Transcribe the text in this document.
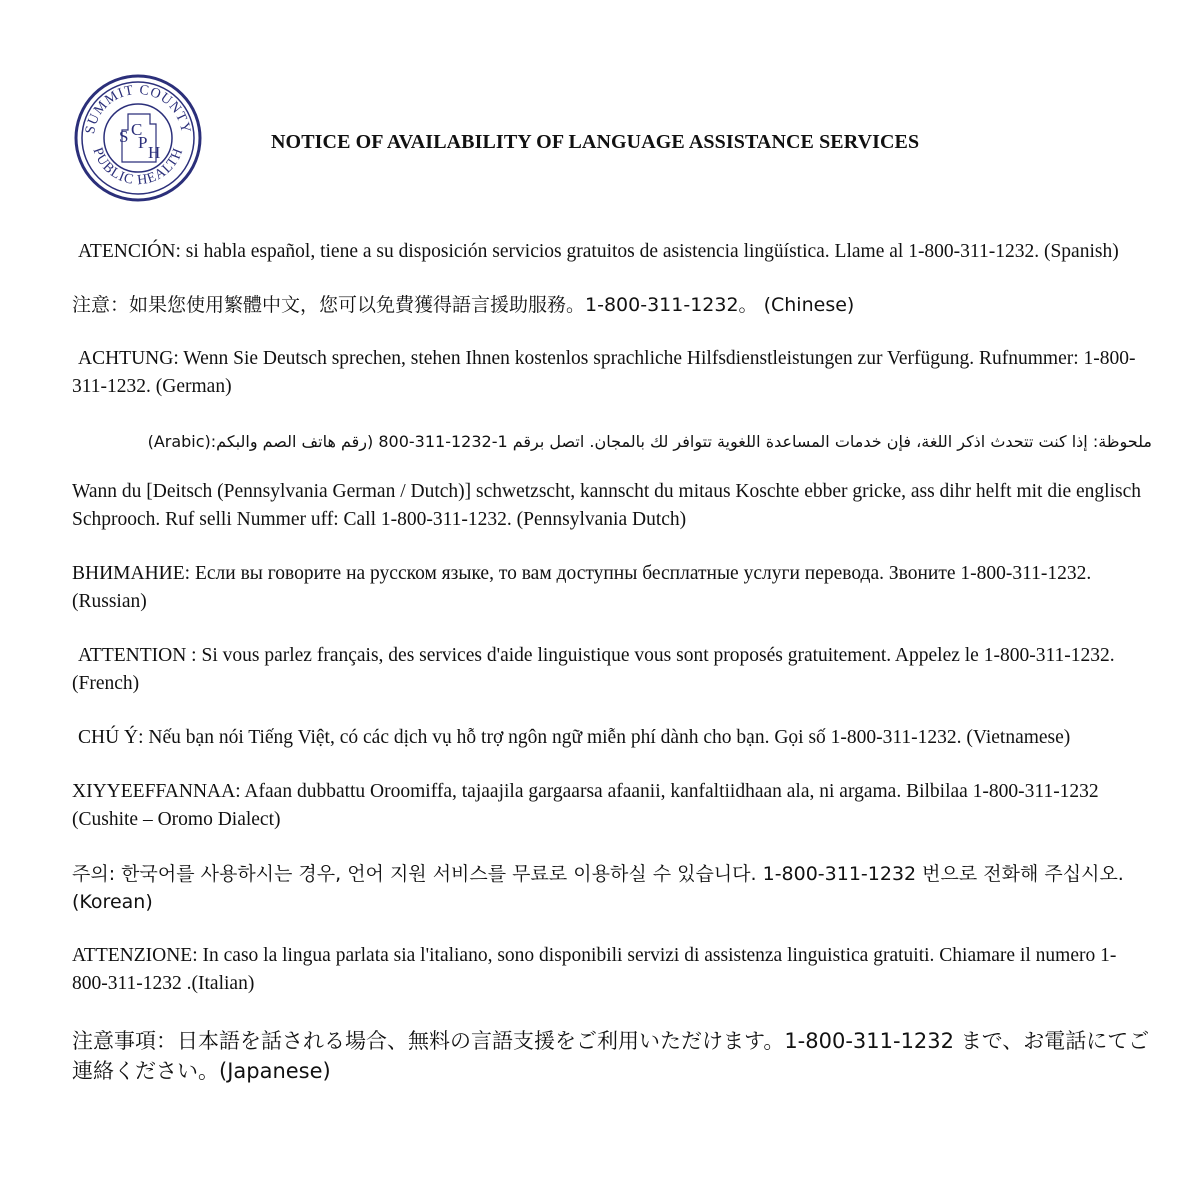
SUMMIT COUNTY
PUBLIC HEALTH
S C
P
H	NOTICE OF AVAILABILITY OF LANGUAGE ASSISTANCE SERVICES

ATENCIÓN: si habla español, tiene a su disposición servicios gratuitos de asistencia lingüística. Llame al 1-800-311-1232. (Spanish)

注意：如果您使用繁體中文，您可以免費獲得語言援助服務。1-800-311-1232。 (Chinese)

ACHTUNG: Wenn Sie Deutsch sprechen, stehen Ihnen kostenlos sprachliche Hilfsdienstleistungen zur Verfügung. Rufnummer: 1-800-311-1232. (German)

ملحوظة: إذا كنت تتحدث اذكر اللغة، فإن خدمات المساعدة اللغوية تتوافر لك بالمجان. اتصل برقم 1-1232-311-800 (رقم هاتف الصم والبكم:(Arabic)

Wann du [Deitsch (Pennsylvania German / Dutch)] schwetzscht, kannscht du mitaus Koschte ebber gricke, ass dihr helft mit die englisch Schprooch. Ruf selli Nummer uff: Call 1-800-311-1232. (Pennsylvania Dutch)

ВНИМАНИЕ: Если вы говорите на русском языке, то вам доступны бесплатные услуги перевода. Звоните 1-800-311-1232.(Russian)

ATTENTION : Si vous parlez français, des services d'aide linguistique vous sont proposés gratuitement. Appelez le 1-800-311-1232. (French)

CHÚ Ý: Nếu bạn nói Tiếng Việt, có các dịch vụ hỗ trợ ngôn ngữ miễn phí dành cho bạn. Gọi số 1-800-311-1232. (Vietnamese)

XIYYEEFFANNAA: Afaan dubbattu Oroomiffa, tajaajila gargaarsa afaanii, kanfaltiidhaan ala, ni argama. Bilbilaa 1-800-311-1232 (Cushite – Oromo Dialect)

주의: 한국어를 사용하시는 경우, 언어 지원 서비스를 무료로 이용하실 수 있습니다. 1-800-311-1232 번으로 전화해 주십시오. (Korean)

ATTENZIONE: In caso la lingua parlata sia l'italiano, sono disponibili servizi di assistenza linguistica gratuiti. Chiamare il numero 1-800-311-1232 .(Italian)

注意事項：日本語を話される場合、無料の言語支援をご利用いただけます。1-800-311-1232 まで、お電話にてご連絡ください。(Japanese)
